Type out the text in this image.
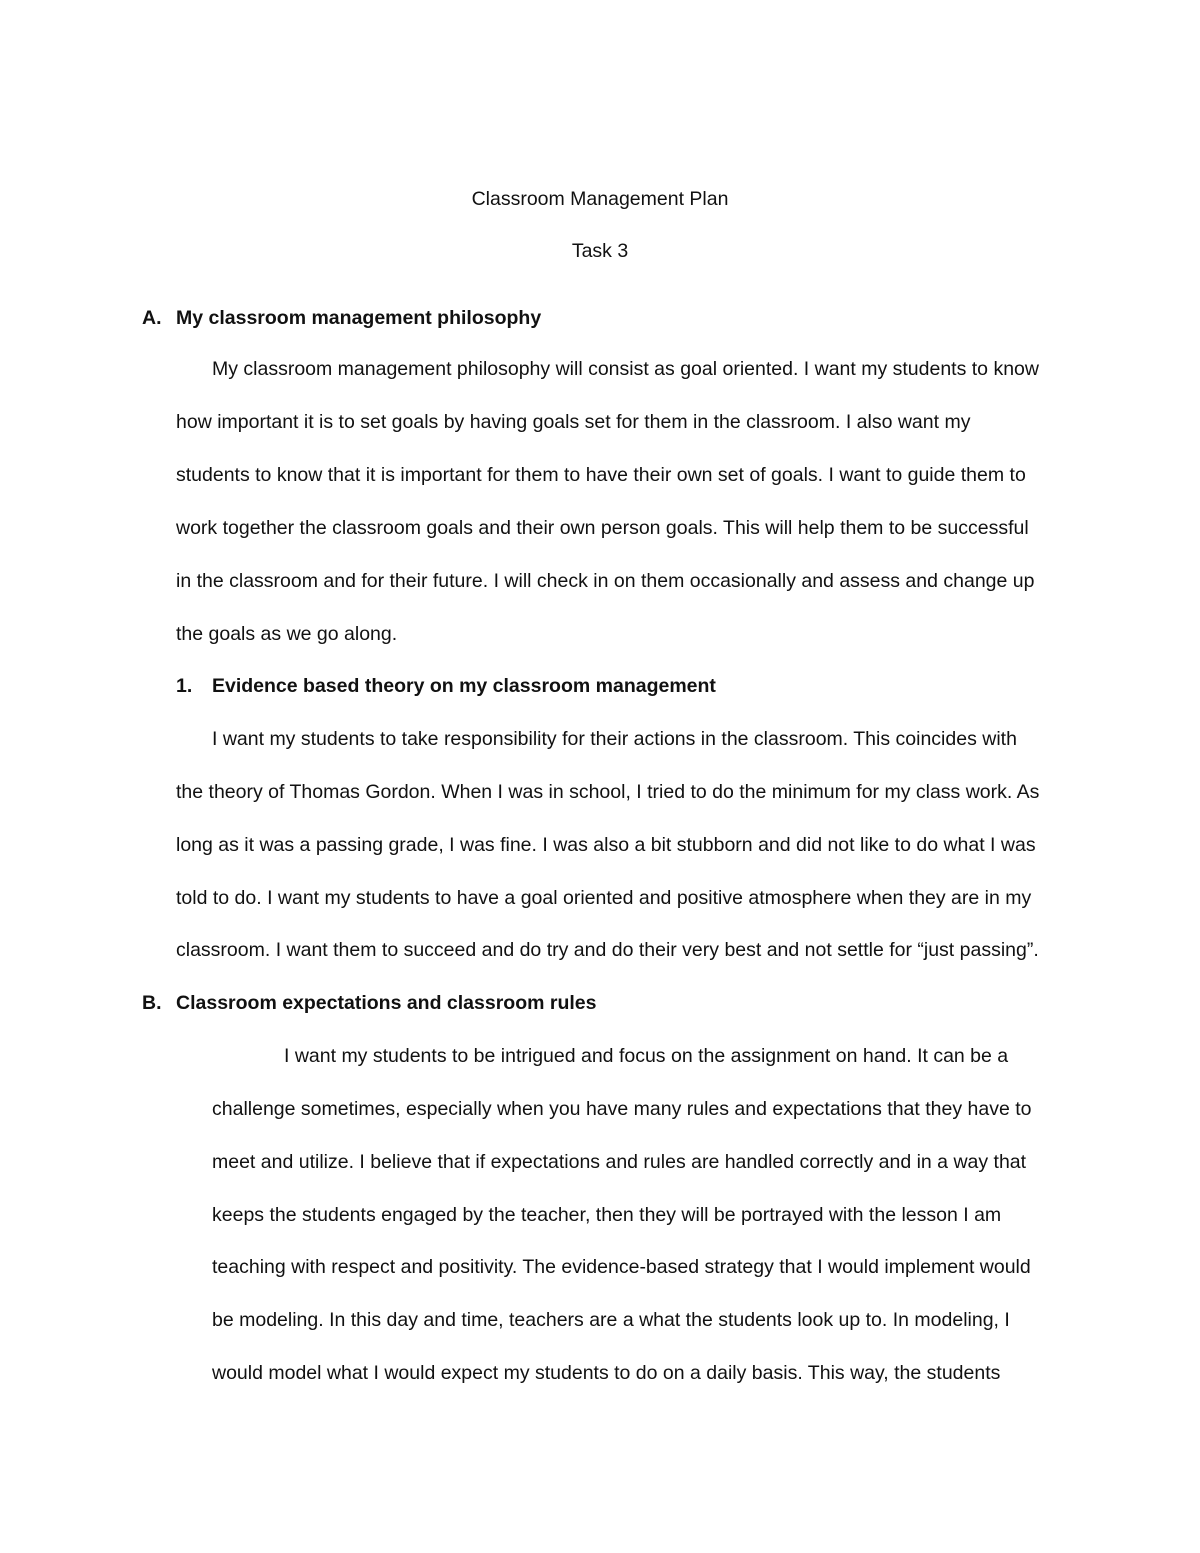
Classroom Management Plan
Task 3
A. My classroom management philosophy
My classroom management philosophy will consist as goal oriented. I want my students to know
how important it is to set goals by having goals set for them in the classroom. I also want my
students to know that it is important for them to have their own set of goals. I want to guide them to
work together the classroom goals and their own person goals. This will help them to be successful
in the classroom and for their future. I will check in on them occasionally and assess and change up
the goals as we go along.
1. Evidence based theory on my classroom management
I want my students to take responsibility for their actions in the classroom. This coincides with
the theory of Thomas Gordon. When I was in school, I tried to do the minimum for my class work. As
long as it was a passing grade, I was fine. I was also a bit stubborn and did not like to do what I was
told to do. I want my students to have a goal oriented and positive atmosphere when they are in my
classroom. I want them to succeed and do try and do their very best and not settle for “just passing”.
B. Classroom expectations and classroom rules
I want my students to be intrigued and focus on the assignment on hand. It can be a
challenge sometimes, especially when you have many rules and expectations that they have to
meet and utilize. I believe that if expectations and rules are handled correctly and in a way that
keeps the students engaged by the teacher, then they will be portrayed with the lesson I am
teaching with respect and positivity. The evidence-based strategy that I would implement would
be modeling. In this day and time, teachers are a what the students look up to. In modeling, I
would model what I would expect my students to do on a daily basis. This way, the students
